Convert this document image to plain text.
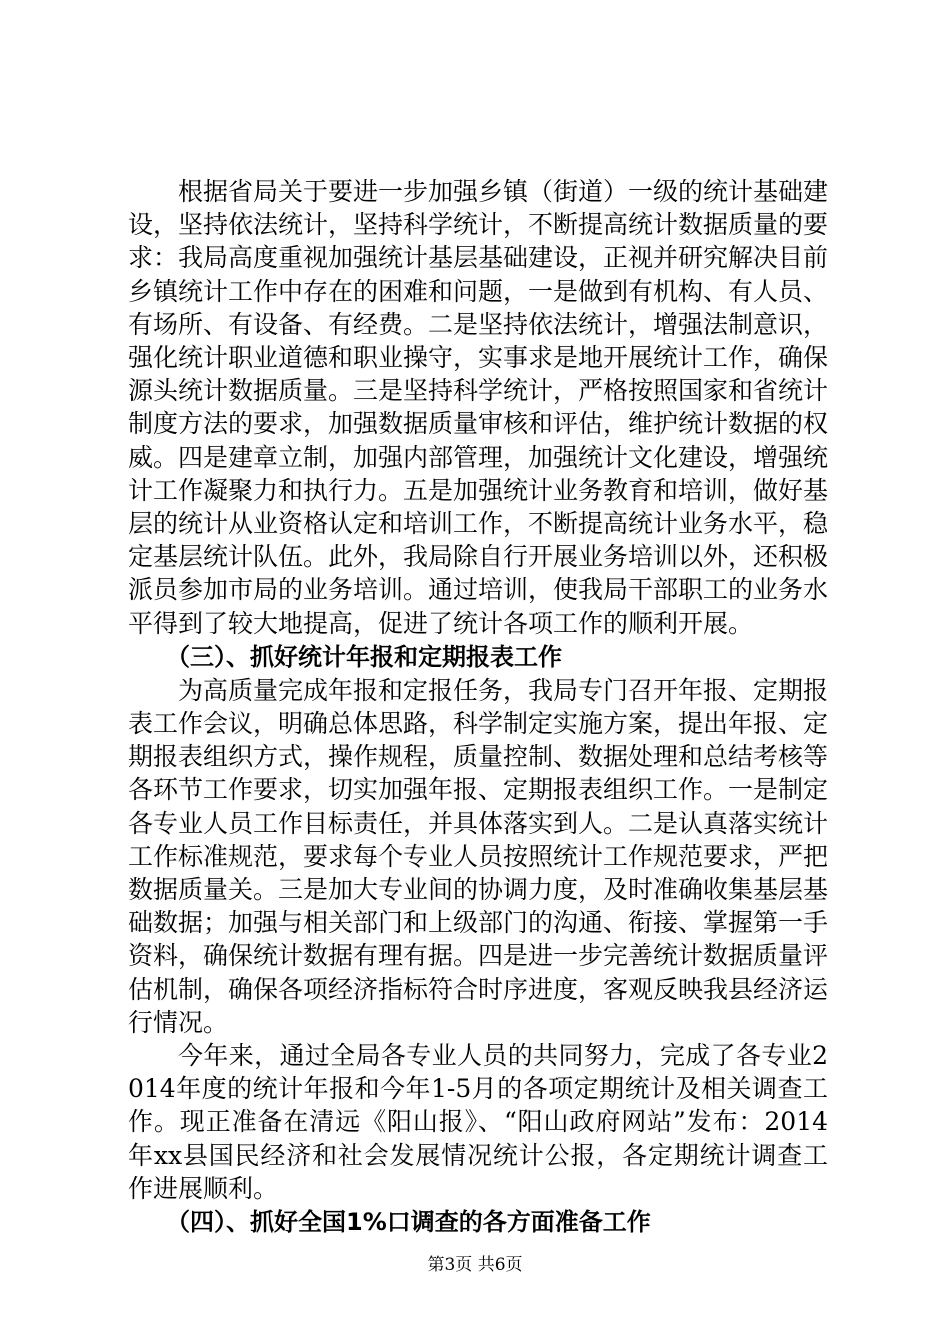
根据省局关于要进一步加强乡镇（街道）一级的统计基础建设，坚持依法统计，坚持科学统计，不断提高统计数据质量的要求：我局高度重视加强统计基层基础建设，正视并研究解决目前乡镇统计工作中存在的困难和问题，一是做到有机构、有人员、有场所、有设备、有经费。二是坚持依法统计，增强法制意识，强化统计职业道德和职业操守，实事求是地开展统计工作，确保源头统计数据质量。三是坚持科学统计，严格按照国家和省统计制度方法的要求，加强数据质量审核和评估，维护统计数据的权威。四是建章立制，加强内部管理，加强统计文化建设，增强统计工作凝聚力和执行力。五是加强统计业务教育和培训，做好基层的统计从业资格认定和培训工作，不断提高统计业务水平，稳定基层统计队伍。此外，我局除自行开展业务培训以外，还积极派员参加市局的业务培训。通过培训，使我局干部职工的业务水平得到了较大地提高，促进了统计各项工作的顺利开展。

（三）、抓好统计年报和定期报表工作

为高质量完成年报和定报任务，我局专门召开年报、定期报表工作会议，明确总体思路，科学制定实施方案，提出年报、定期报表组织方式，操作规程，质量控制、数据处理和总结考核等各环节工作要求，切实加强年报、定期报表组织工作。一是制定各专业人员工作目标责任，并具体落实到人。二是认真落实统计工作标准规范，要求每个专业人员按照统计工作规范要求，严把数据质量关。三是加大专业间的协调力度，及时准确收集基层基础数据；加强与相关部门和上级部门的沟通、衔接、掌握第一手资料，确保统计数据有理有据。四是进一步完善统计数据质量评估机制，确保各项经济指标符合时序进度，客观反映我县经济运行情况。

今年来，通过全局各专业人员的共同努力，完成了各专业2014年度的统计年报和今年1-5月的各项定期统计及相关调查工作。现正准备在清远《阳山报》、“阳山政府网站”发布：2014年xx县国民经济和社会发展情况统计公报，各定期统计调查工作进展顺利。

（四）、抓好全国1%口调查的各方面准备工作
第3页 共6页
